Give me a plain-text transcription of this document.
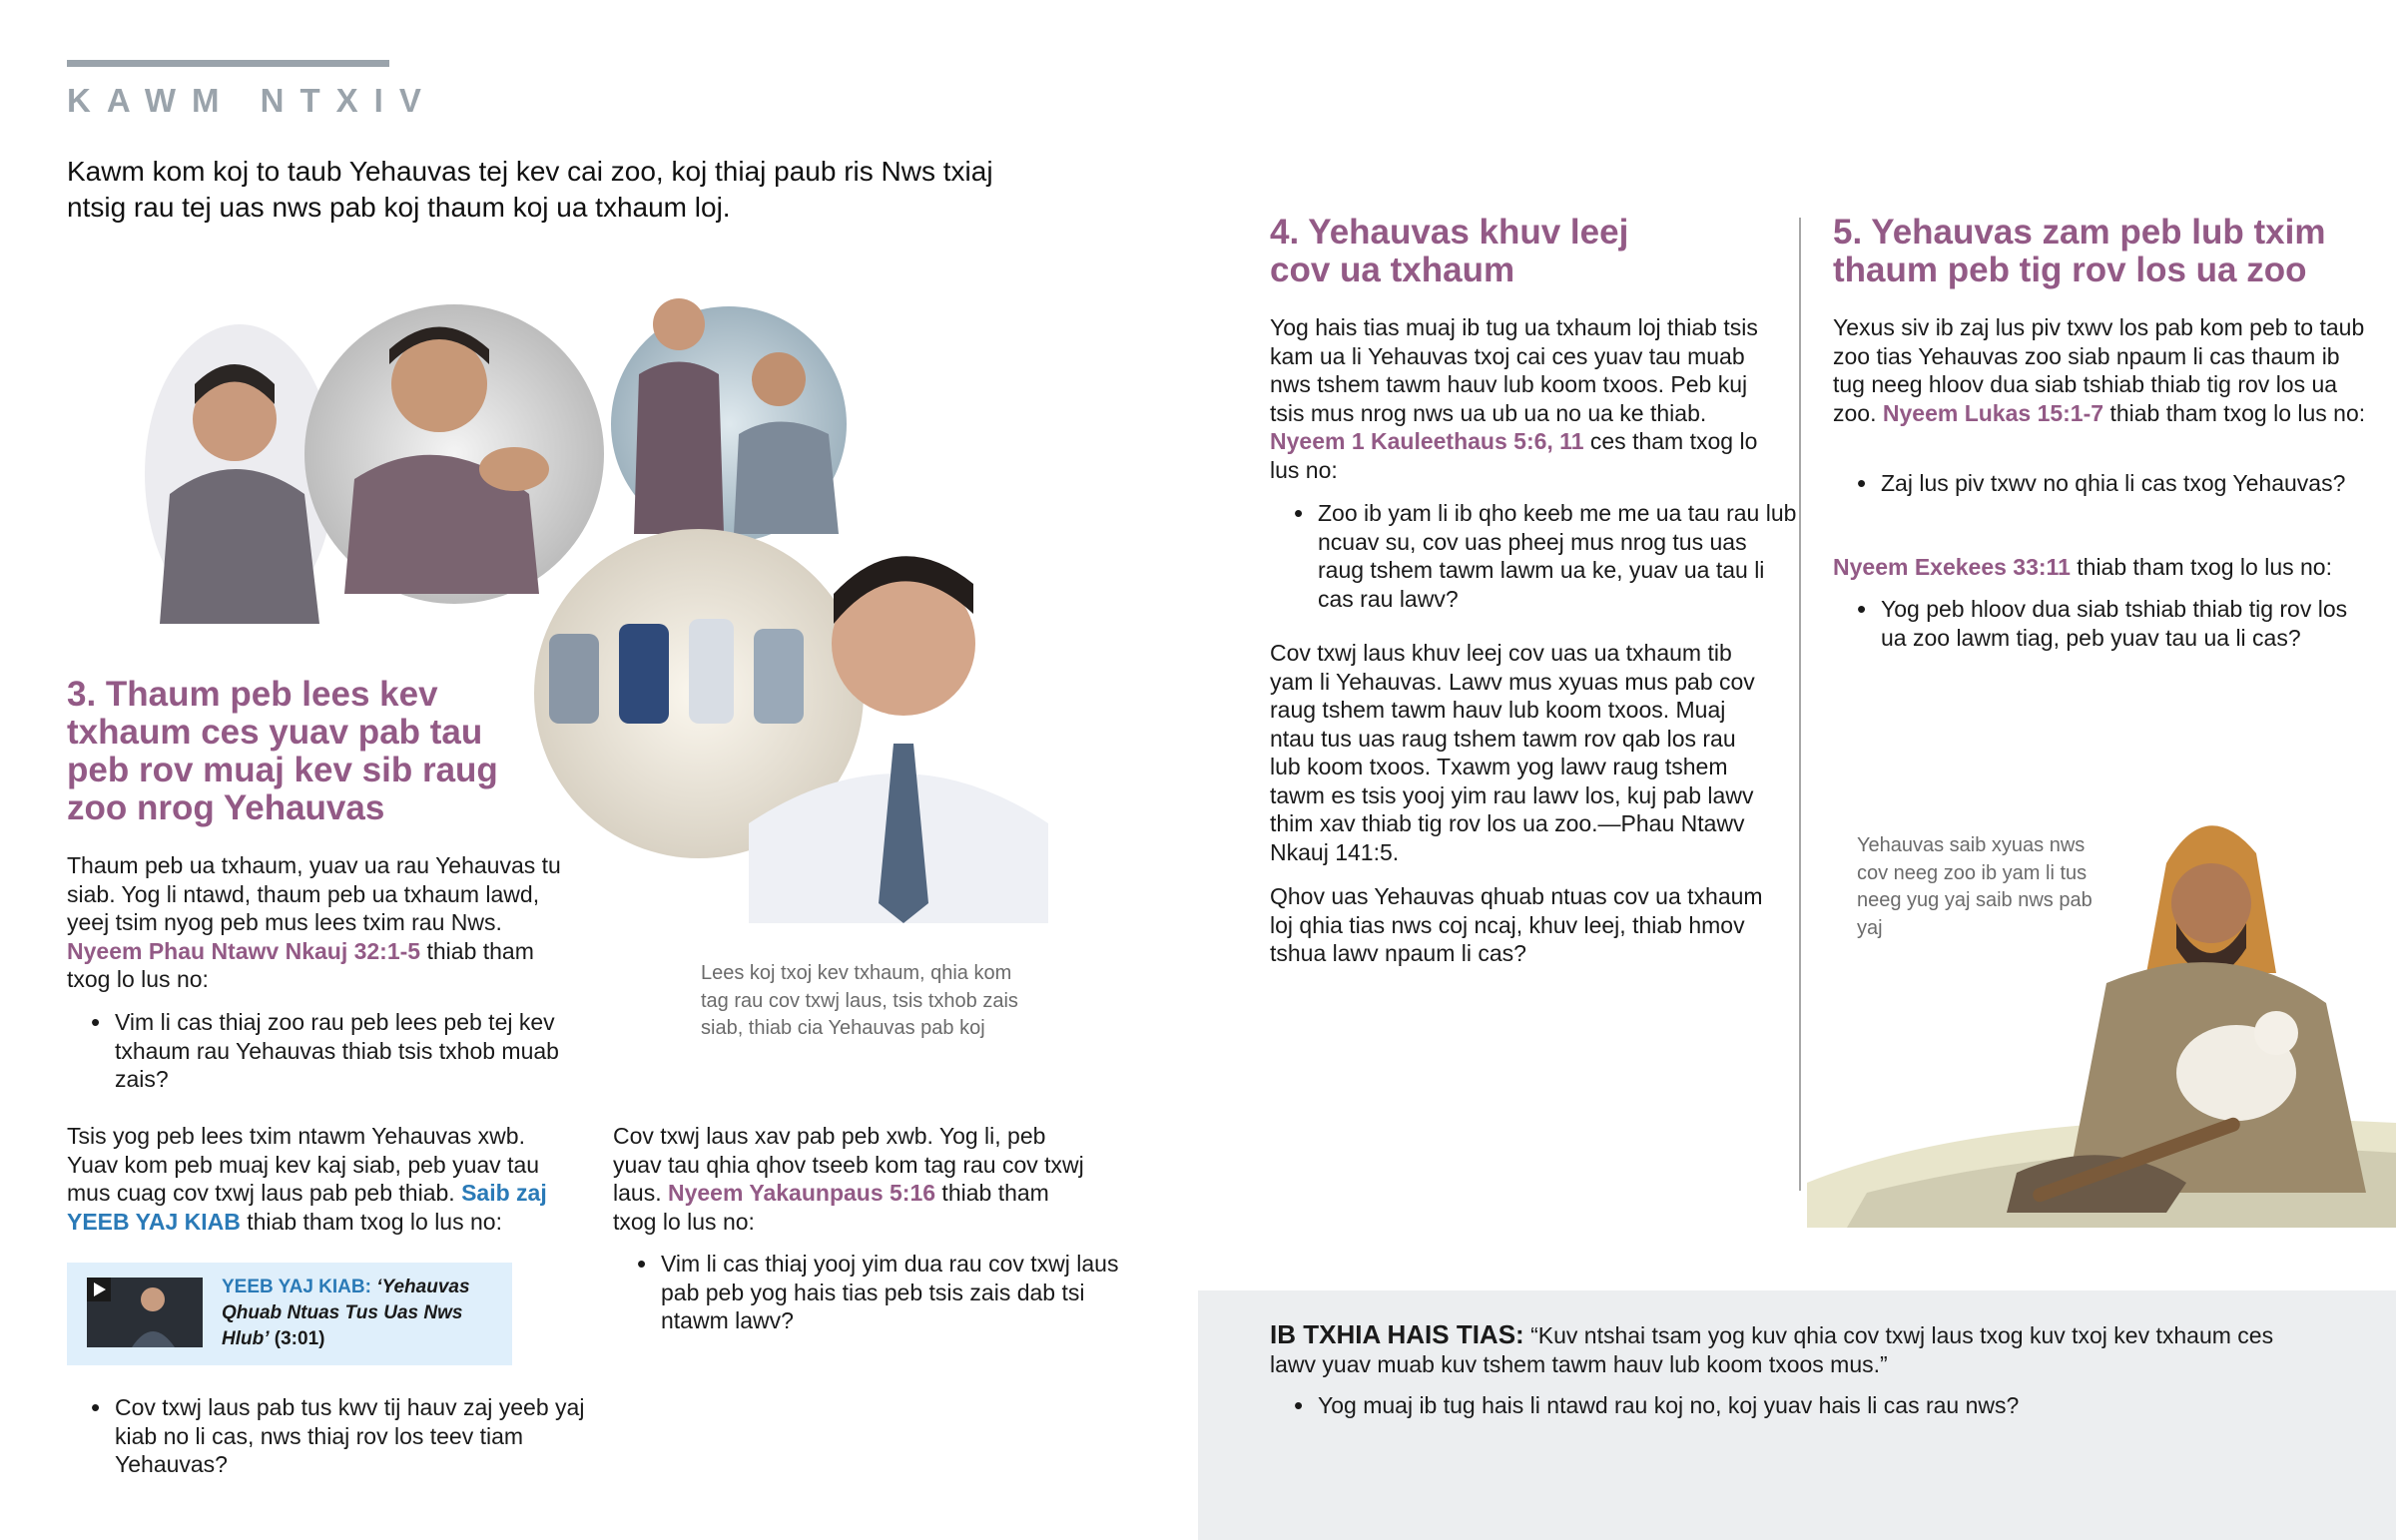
KAWM NTXIV
Kawm kom koj to taub Yehauvas tej kev cai zoo, koj thiaj paub ris Nws txiaj ntsig rau tej uas nws pab koj thaum koj ua txhaum loj.
3. Thaum peb lees kev txhaum ces yuav pab tau peb rov muaj kev sib raug zoo nrog Yehauvas
Thaum peb ua txhaum, yuav ua rau Yehauvas tu siab. Yog li ntawd, thaum peb ua txhaum lawd, yeej tsim nyog peb mus lees txim rau Nws. Nyeem Phau Ntawv Nkauj 32:1-5 thiab tham txog lo lus no:
• Vim li cas thiaj zoo rau peb lees peb tej kev txhaum rau Yehauvas thiab tsis txhob muab zais?
Tsis yog peb lees txim ntawm Yehauvas xwb. Yuav kom peb muaj kev kaj siab, peb yuav tau mus cuag cov txwj laus pab peb thiab. Saib zaj YEEB YAJ KIAB thiab tham txog lo lus no:
YEEB YAJ KIAB: ‘Yehauvas Qhuab Ntuas Tus Uas Nws Hlub’ (3:01)
• Cov txwj laus pab tus kwv tij hauv zaj yeeb yaj kiab no li cas, nws thiaj rov los teev tiam Yehauvas?
Lees koj txoj kev txhaum, qhia kom tag rau cov txwj laus, tsis txhob zais siab, thiab cia Yehauvas pab koj
Cov txwj laus xav pab peb xwb. Yog li, peb yuav tau qhia qhov tseeb kom tag rau cov txwj laus. Nyeem Yakaunpaus 5:16 thiab tham txog lo lus no:
• Vim li cas thiaj yooj yim dua rau cov txwj laus pab peb yog hais tias peb tsis zais dab tsi ntawm lawv?
4. Yehauvas khuv leej cov ua txhaum
Yog hais tias muaj ib tug ua txhaum loj thiab tsis kam ua li Yehauvas txoj cai ces yuav tau muab nws tshem tawm hauv lub koom txoos. Peb kuj tsis mus nrog nws ua ub ua no ua ke thiab. Nyeem 1 Kauleethaus 5:6, 11 ces tham txog lo lus no:
• Zoo ib yam li ib qho keeb me me ua tau rau lub ncuav su, cov uas pheej mus nrog tus uas raug tshem tawm lawm ua ke, yuav ua tau li cas rau lawv?
Cov txwj laus khuv leej cov uas ua txhaum tib yam li Yehauvas. Lawv mus xyuas mus pab cov raug tshem tawm hauv lub koom txoos. Muaj ntau tus uas raug tshem tawm rov qab los rau lub koom txoos. Txawm yog lawv raug tshem tawm es tsis yooj yim rau lawv los, kuj pab lawv thim xav thiab tig rov los ua zoo.—Phau Ntawv Nkauj 141:5.
Qhov uas Yehauvas qhuab ntuas cov ua txhaum loj qhia tias nws coj ncaj, khuv leej, thiab hmov tshua lawv npaum li cas?
5. Yehauvas zam peb lub txim thaum peb tig rov los ua zoo
Yexus siv ib zaj lus piv txwv los pab kom peb to taub zoo tias Yehauvas zoo siab npaum li cas thaum ib tug neeg hloov dua siab tshiab thiab tig rov los ua zoo. Nyeem Lukas 15:1-7 thiab tham txog lo lus no:
• Zaj lus piv txwv no qhia li cas txog Yehauvas?
Nyeem Exekees 33:11 thiab tham txog lo lus no:
• Yog peb hloov dua siab tshiab thiab tig rov los ua zoo lawm tiag, peb yuav tau ua li cas?
Yehauvas saib xyuas nws cov neeg zoo ib yam li tus neeg yug yaj saib nws pab yaj
IB TXHIA HAIS TIAS: “Kuv ntshai tsam yog kuv qhia cov txwj laus txog kuv txoj kev txhaum ces lawv yuav muab kuv tshem tawm hauv lub koom txoos mus.”
• Yog muaj ib tug hais li ntawd rau koj no, koj yuav hais li cas rau nws?
